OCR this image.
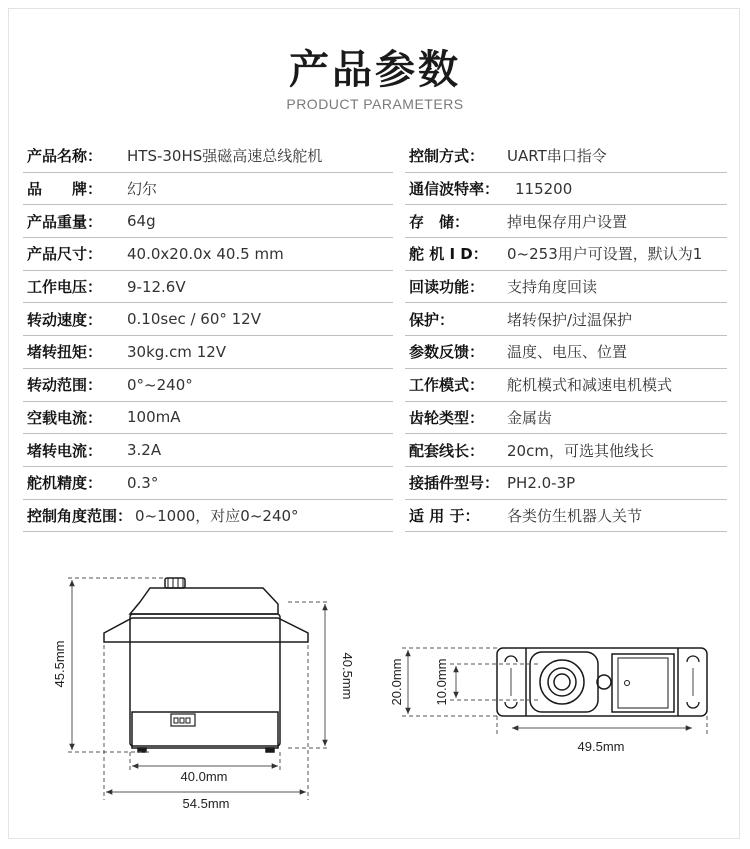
产品参数
PRODUCT PARAMETERS
产品名称：	HTS-30HS强磁高速总线舵机
品　　牌：	幻尔
产品重量：	64g
产品尺寸：	40.0x20.0x 40.5 mm
工作电压：	9-12.6V
转动速度：	0.10sec / 60° 12V
堵转扭矩：	30kg.cm 12V
转动范围：	0°~240°
空载电流：	100mA
堵转电流：	3.2A
舵机精度：	0.3°
控制角度范围： 0~1000，对应0~240°
控制方式：	UART串口指令
通信波特率：	115200
存　储：	掉电保存用户设置
舵 机 I D：	0~253用户可设置，默认为1
回读功能：	支持角度回读
保护：	堵转保护/过温保护
参数反馈：	温度、电压、位置
工作模式：	舵机模式和减速电机模式
齿轮类型：	金属齿
配套线长：	20cm，可选其他线长
接插件型号： PH2.0-3P
适 用 于：	各类仿生机器人关节
45.5mm	40.5mm
40.0mm
54.5mm
20.0mm 10.0mm
49.5mm
